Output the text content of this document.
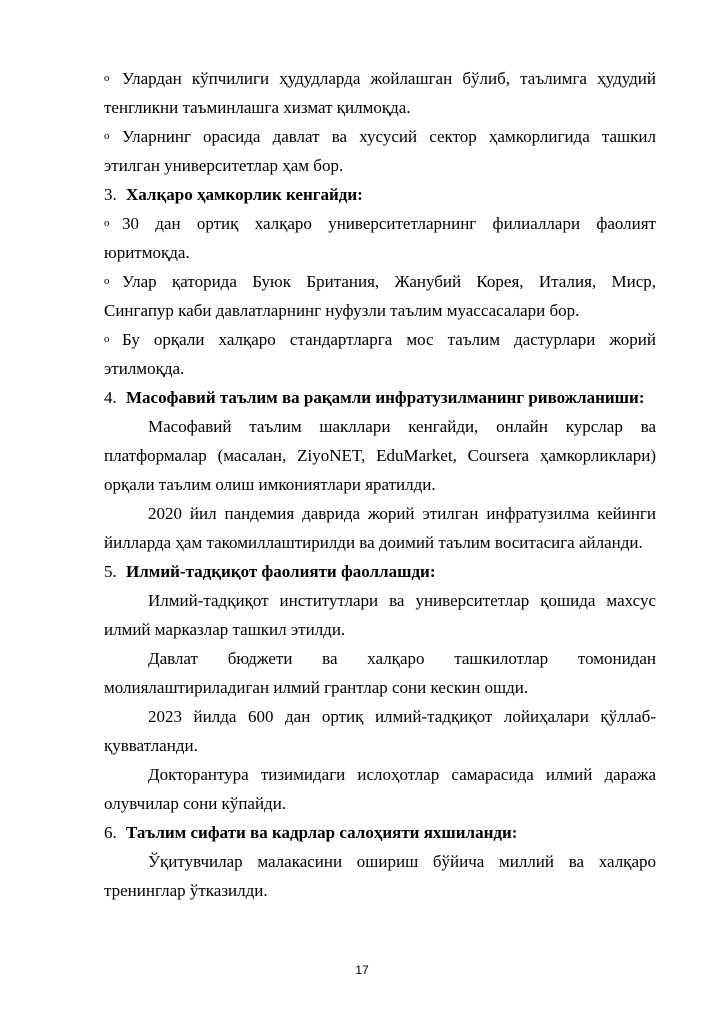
o Улардан кўпчилиги ҳудудларда жойлашган бўлиб, таълимга ҳудудий
тенгликни таъминлашга хизмат қилмоқда.
o Уларнинг орасида давлат ва хусусий сектор ҳамкорлигида ташкил
этилган университетлар ҳам бор.
3. Халқаро ҳамкорлик кенгайди:
o 30 дан ортиқ халқаро университетларнинг филиаллари фаолият
юритмоқда.
o Улар қаторида Буюк Британия, Жанубий Корея, Италия, Миср,
Сингапур каби давлатларнинг нуфузли таълим муассасалари бор.
o Бу орқали халқаро стандартларга мос таълим дастурлари жорий
этилмоқда.
4. Масофавий таълим ва рақамли инфратузилманинг ривожланиши:
Масофавий таълим шакллари кенгайди, онлайн курслар ва
платформалар (масалан, ZiyoNET, EduMarket, Coursera ҳамкорликлари)
орқали таълим олиш имкониятлари яратилди.
2020 йил пандемия даврида жорий этилган инфратузилма кейинги
йилларда ҳам такомиллаштирилди ва доимий таълим воситасига айланди.
5. Илмий-тадқиқот фаолияти фаоллашди:
Илмий-тадқиқот институтлари ва университетлар қошида махсус
илмий марказлар ташкил этилди.
Давлат бюджети ва халқаро ташкилотлар томонидан
молиялаштириладиган илмий грантлар сони кескин ошди.
2023 йилда 600 дан ортиқ илмий-тадқиқот лойиҳалари қўллаб-
қувватланди.
Докторантура тизимидаги ислоҳотлар самарасида илмий даража
олувчилар сони кўпайди.
6. Таълим сифати ва кадрлар салоҳияти яхшиланди:
Ўқитувчилар малакасини ошириш бўйича миллий ва халқаро
тренинглар ўтказилди.
17
